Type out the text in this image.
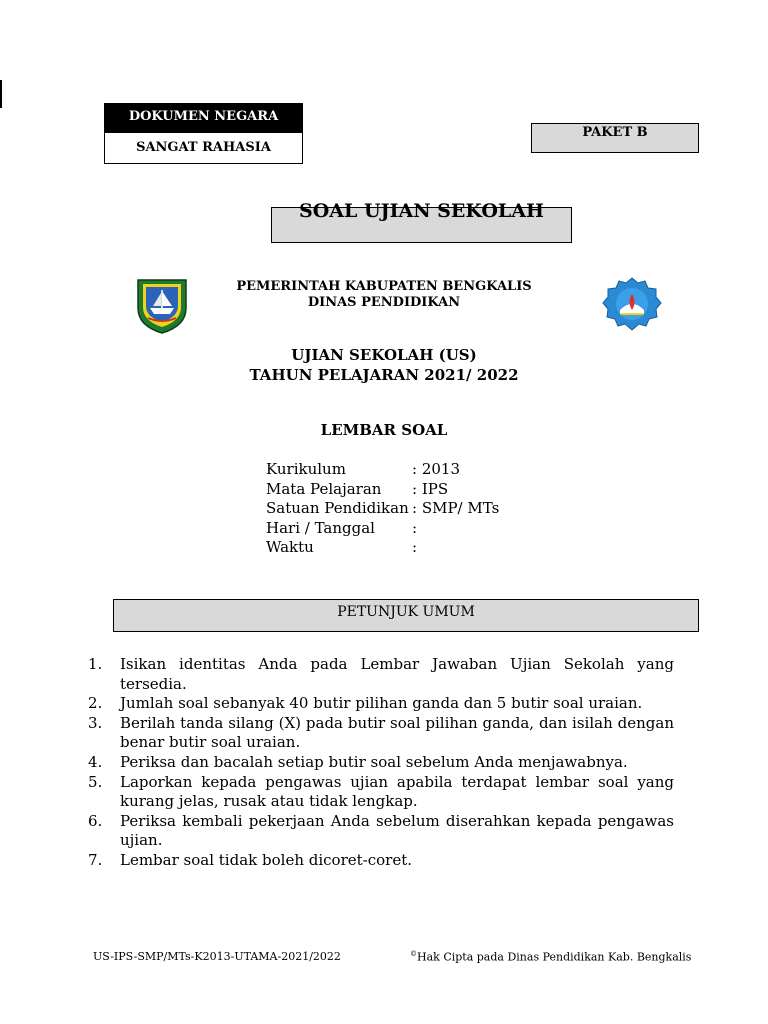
DOKUMEN NEGARA
SANGAT RAHASIA
PAKET B
SOAL UJIAN SEKOLAH
PEMERINTAH KABUPATEN BENGKALIS
DINAS PENDIDIKAN
UJIAN SEKOLAH (US)
TAHUN PELAJARAN 2021/ 2022
LEMBAR SOAL
Kurikulum	: 2013
Mata Pelajaran	: IPS
Satuan Pendidikan : SMP/ MTs
Hari / Tanggal	:
Waktu	:
PETUNJUK UMUM
1.	Isikan identitas Anda pada Lembar Jawaban Ujian Sekolah yang tersedia.
2.	Jumlah soal sebanyak 40 butir pilihan ganda dan 5 butir soal uraian.
3.	Berilah tanda silang (X) pada butir soal pilihan ganda, dan isilah dengan benar butir soal uraian.
4.	Periksa dan bacalah setiap butir soal sebelum Anda menjawabnya.
5.	Laporkan kepada pengawas ujian apabila terdapat lembar soal yang kurang jelas, rusak atau tidak lengkap.
6.	Periksa kembali pekerjaan Anda sebelum diserahkan kepada pengawas ujian.
7.	Lembar soal tidak boleh dicoret-coret.
US-IPS-SMP/MTs-K2013-UTAMA-2021/2022	©Hak Cipta pada Dinas Pendidikan Kab. Bengkalis
